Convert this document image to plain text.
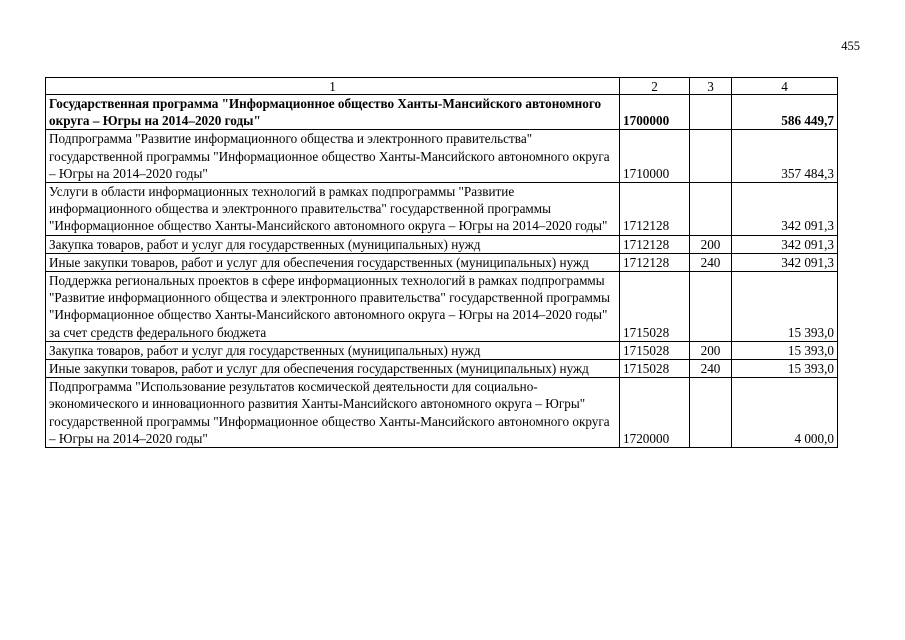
455
1	2	3	4
Государственная программа "Информационное общество Ханты-Мансийского автономного округа – Югры на 2014–2020 годы"	1700000		586 449,7
Подпрограмма "Развитие информационного общества и электронного правительства" государственной программы "Информационное общество Ханты-Мансийского автономного округа – Югры на 2014–2020 годы"	1710000		357 484,3
Услуги в области информационных технологий в рамках подпрограммы "Развитие информационного общества и электронного правительства" государственной программы "Информационное общество Ханты-Мансийского автономного округа – Югры на 2014–2020 годы"	1712128		342 091,3
Закупка товаров, работ и услуг для государственных (муниципальных) нужд	1712128	200	342 091,3
Иные закупки товаров, работ и услуг для обеспечения государственных (муниципальных) нужд	1712128	240	342 091,3
Поддержка региональных проектов в сфере информационных технологий в рамках подпрограммы "Развитие информационного общества и электронного правительства" государственной программы "Информационное общество Ханты-Мансийского автономного округа – Югры на 2014–2020 годы" за счет средств федерального бюджета	1715028		15 393,0
Закупка товаров, работ и услуг для государственных (муниципальных) нужд	1715028	200	15 393,0
Иные закупки товаров, работ и услуг для обеспечения государственных (муниципальных) нужд	1715028	240	15 393,0
Подпрограмма "Использование результатов космической деятельности для социально-экономического и инновационного развития Ханты-Мансийского автономного округа – Югры" государственной программы "Информационное общество Ханты-Мансийского автономного округа – Югры на 2014–2020 годы"	1720000		4 000,0
